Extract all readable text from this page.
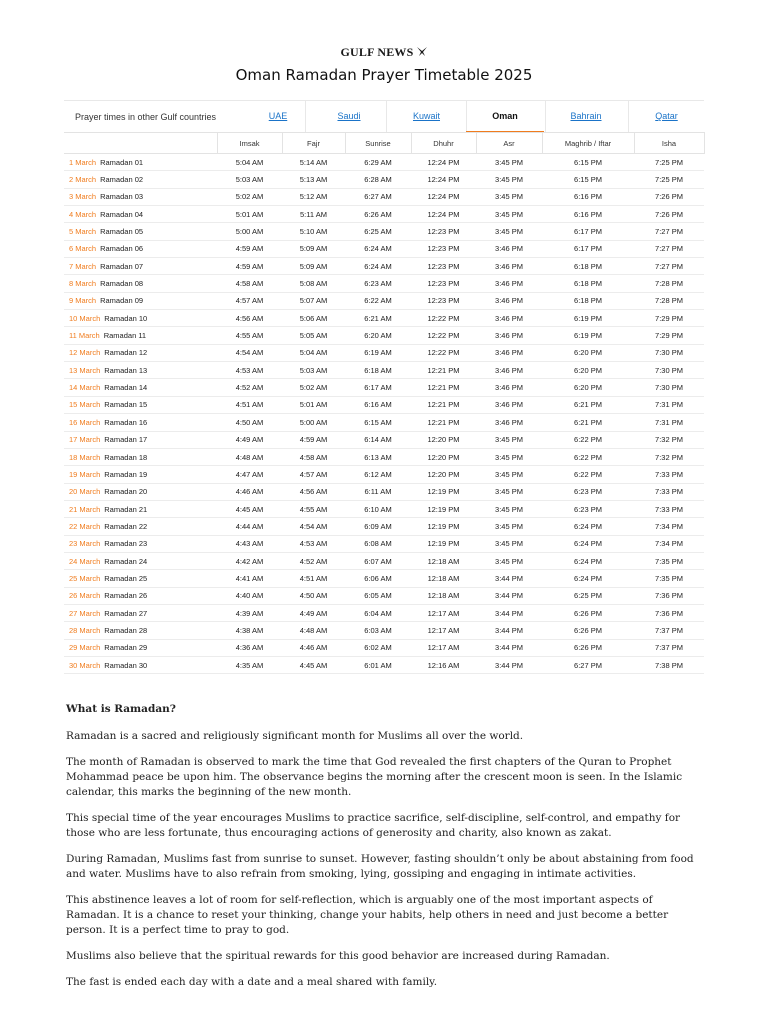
GULF NEWS
Oman Ramadan Prayer Timetable 2025
Prayer times in other Gulf countries	UAE	Saudi	Kuwait	Oman	Bahrain	Qatar
	Imsak	Fajr	Sunrise	Dhuhr	Asr	Maghrib / Iftar	Isha
1 March Ramadan 01	5:04 AM	5:14 AM	6:29 AM	12:24 PM	3:45 PM	6:15 PM	7:25 PM
2 March Ramadan 02	5:03 AM	5:13 AM	6:28 AM	12:24 PM	3:45 PM	6:15 PM	7:25 PM
3 March Ramadan 03	5:02 AM	5:12 AM	6:27 AM	12:24 PM	3:45 PM	6:16 PM	7:26 PM
4 March Ramadan 04	5:01 AM	5:11 AM	6:26 AM	12:24 PM	3:45 PM	6:16 PM	7:26 PM
5 March Ramadan 05	5:00 AM	5:10 AM	6:25 AM	12:23 PM	3:45 PM	6:17 PM	7:27 PM
6 March Ramadan 06	4:59 AM	5:09 AM	6:24 AM	12:23 PM	3:46 PM	6:17 PM	7:27 PM
7 March Ramadan 07	4:59 AM	5:09 AM	6:24 AM	12:23 PM	3:46 PM	6:18 PM	7:27 PM
8 March Ramadan 08	4:58 AM	5:08 AM	6:23 AM	12:23 PM	3:46 PM	6:18 PM	7:28 PM
9 March Ramadan 09	4:57 AM	5:07 AM	6:22 AM	12:23 PM	3:46 PM	6:18 PM	7:28 PM
10 March Ramadan 10	4:56 AM	5:06 AM	6:21 AM	12:22 PM	3:46 PM	6:19 PM	7:29 PM
11 March Ramadan 11	4:55 AM	5:05 AM	6:20 AM	12:22 PM	3:46 PM	6:19 PM	7:29 PM
12 March Ramadan 12	4:54 AM	5:04 AM	6:19 AM	12:22 PM	3:46 PM	6:20 PM	7:30 PM
13 March Ramadan 13	4:53 AM	5:03 AM	6:18 AM	12:21 PM	3:46 PM	6:20 PM	7:30 PM
14 March Ramadan 14	4:52 AM	5:02 AM	6:17 AM	12:21 PM	3:46 PM	6:20 PM	7:30 PM
15 March Ramadan 15	4:51 AM	5:01 AM	6:16 AM	12:21 PM	3:46 PM	6:21 PM	7:31 PM
16 March Ramadan 16	4:50 AM	5:00 AM	6:15 AM	12:21 PM	3:46 PM	6:21 PM	7:31 PM
17 March Ramadan 17	4:49 AM	4:59 AM	6:14 AM	12:20 PM	3:45 PM	6:22 PM	7:32 PM
18 March Ramadan 18	4:48 AM	4:58 AM	6:13 AM	12:20 PM	3:45 PM	6:22 PM	7:32 PM
19 March Ramadan 19	4:47 AM	4:57 AM	6:12 AM	12:20 PM	3:45 PM	6:22 PM	7:33 PM
20 March Ramadan 20	4:46 AM	4:56 AM	6:11 AM	12:19 PM	3:45 PM	6:23 PM	7:33 PM
21 March Ramadan 21	4:45 AM	4:55 AM	6:10 AM	12:19 PM	3:45 PM	6:23 PM	7:33 PM
22 March Ramadan 22	4:44 AM	4:54 AM	6:09 AM	12:19 PM	3:45 PM	6:24 PM	7:34 PM
23 March Ramadan 23	4:43 AM	4:53 AM	6:08 AM	12:19 PM	3:45 PM	6:24 PM	7:34 PM
24 March Ramadan 24	4:42 AM	4:52 AM	6:07 AM	12:18 AM	3:45 PM	6:24 PM	7:35 PM
25 March Ramadan 25	4:41 AM	4:51 AM	6:06 AM	12:18 AM	3:44 PM	6:24 PM	7:35 PM
26 March Ramadan 26	4:40 AM	4:50 AM	6:05 AM	12:18 AM	3:44 PM	6:25 PM	7:36 PM
27 March Ramadan 27	4:39 AM	4:49 AM	6:04 AM	12:17 AM	3:44 PM	6:26 PM	7:36 PM
28 March Ramadan 28	4:38 AM	4:48 AM	6:03 AM	12:17 AM	3:44 PM	6:26 PM	7:37 PM
29 March Ramadan 29	4:36 AM	4:46 AM	6:02 AM	12:17 AM	3:44 PM	6:26 PM	7:37 PM
30 March Ramadan 30	4:35 AM	4:45 AM	6:01 AM	12:16 AM	3:44 PM	6:27 PM	7:38 PM
What is Ramadan?

Ramadan is a sacred and religiously significant month for Muslims all over the world.

The month of Ramadan is observed to mark the time that God revealed the first chapters of the Quran to Prophet Mohammad peace be upon him. The observance begins the morning after the crescent moon is seen. In the Islamic calendar, this marks the beginning of the new month.

This special time of the year encourages Muslims to practice sacrifice, self-discipline, self-control, and empathy for those who are less fortunate, thus encouraging actions of generosity and charity, also known as zakat.

During Ramadan, Muslims fast from sunrise to sunset. However, fasting shouldn’t only be about abstaining from food and water. Muslims have to also refrain from smoking, lying, gossiping and engaging in intimate activities.

This abstinence leaves a lot of room for self-reflection, which is arguably one of the most important aspects of Ramadan. It is a chance to reset your thinking, change your habits, help others in need and just become a better person. It is a perfect time to pray to god.

Muslims also believe that the spiritual rewards for this good behavior are increased during Ramadan.

The fast is ended each day with a date and a meal shared with family.
